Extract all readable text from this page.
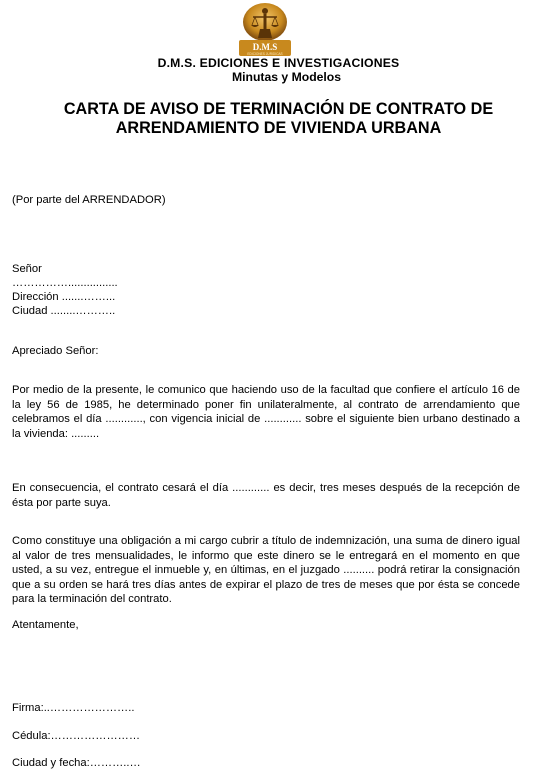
D.M.S
EDICIONES JURIDICAS
D.M.S. EDICIONES E INVESTIGACIONES
Minutas y Modelos
CARTA DE AVISO DE TERMINACIÓN DE CONTRATO DE
ARRENDAMIENTO DE VIVIENDA URBANA
(Por parte del ARRENDADOR)
Señor
……………................
Dirección .......……...
Ciudad ........………..
Apreciado Señor:
Por medio de la presente, le comunico que haciendo uso de la facultad que confiere el artículo 16 de la ley 56 de 1985, he determinado poner fin unilateralmente, al contrato de arrendamiento que celebramos el día ............, con vigencia inicial de ............ sobre el siguiente bien urbano destinado a la vivienda: .........
En consecuencia, el contrato cesará el día ............ es decir, tres meses después de la recepción de ésta por parte suya.
Como constituye una obligación a mi cargo cubrir a título de indemnización, una suma de dinero igual al valor de tres mensualidades, le informo que este dinero se le entregará en el momento en que usted, a su vez, entregue el inmueble y, en últimas, en el juzgado .......... podrá retirar la consignación que a su orden se hará tres días antes de expirar el plazo de tres de meses que por ésta se concede para la terminación del contrato.
Atentamente,
Firma:..…………………..
Cédula:……………………
Ciudad y fecha:………..…
